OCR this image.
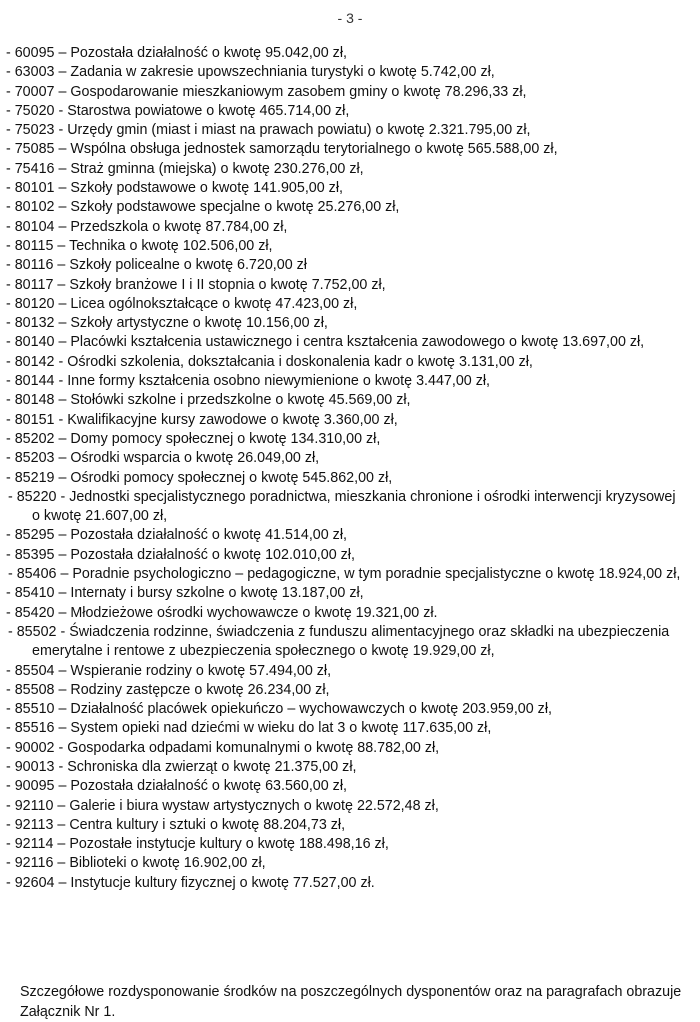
- 3 -
- 60095 – Pozostała działalność o kwotę 95.042,00 zł,
- 63003 – Zadania w zakresie upowszechniania turystyki o kwotę 5.742,00 zł,
- 70007 – Gospodarowanie mieszkaniowym zasobem gminy o kwotę 78.296,33 zł,
- 75020 - Starostwa powiatowe o kwotę 465.714,00 zł,
- 75023 - Urzędy gmin (miast i miast na prawach powiatu) o kwotę 2.321.795,00 zł,
- 75085 – Wspólna obsługa jednostek samorządu terytorialnego o kwotę 565.588,00 zł,
- 75416 – Straż gminna (miejska) o kwotę 230.276,00 zł,
- 80101 – Szkoły podstawowe o kwotę 141.905,00 zł,
- 80102 – Szkoły podstawowe specjalne o kwotę 25.276,00 zł,
- 80104 – Przedszkola o kwotę 87.784,00 zł,
- 80115 – Technika o kwotę 102.506,00 zł,
- 80116 – Szkoły policealne o kwotę 6.720,00 zł
- 80117 – Szkoły branżowe I i II stopnia o kwotę 7.752,00 zł,
- 80120 – Licea ogólnokształcące o kwotę 47.423,00 zł,
- 80132 – Szkoły artystyczne o kwotę 10.156,00 zł,
- 80140 – Placówki kształcenia ustawicznego i centra kształcenia zawodowego o kwotę 13.697,00 zł,
- 80142 - Ośrodki szkolenia, dokształcania i doskonalenia kadr o kwotę 3.131,00 zł,
- 80144 - Inne formy kształcenia osobno niewymienione o kwotę 3.447,00 zł,
- 80148 – Stołówki szkolne i przedszkolne o kwotę 45.569,00 zł,
- 80151 - Kwalifikacyjne kursy zawodowe o kwotę 3.360,00 zł,
- 85202 – Domy pomocy społecznej o kwotę 134.310,00 zł,
- 85203 – Ośrodki wsparcia o kwotę 26.049,00 zł,
- 85219 – Ośrodki pomocy społecznej o kwotę 545.862,00 zł,
- 85220 - Jednostki specjalistycznego poradnictwa, mieszkania chronione i ośrodki interwencji kryzysowej o kwotę 21.607,00 zł,
- 85295 – Pozostała działalność o kwotę 41.514,00 zł,
- 85395 – Pozostała działalność o kwotę 102.010,00 zł,
- 85406 – Poradnie psychologiczno – pedagogiczne, w tym poradnie specjalistyczne o kwotę 18.924,00 zł,
- 85410 – Internaty i bursy szkolne o kwotę 13.187,00 zł,
- 85420 – Młodzieżowe ośrodki wychowawcze o kwotę 19.321,00 zł.
- 85502 - Świadczenia rodzinne, świadczenia z funduszu alimentacyjnego oraz składki na ubezpieczenia emerytalne i rentowe z ubezpieczenia społecznego o kwotę 19.929,00 zł,
- 85504 – Wspieranie rodziny o kwotę 57.494,00 zł,
- 85508 – Rodziny zastępcze o kwotę 26.234,00 zł,
- 85510 – Działalność placówek opiekuńczo – wychowawczych o kwotę 203.959,00 zł,
- 85516 – System opieki nad dziećmi w wieku do lat 3 o kwotę 117.635,00 zł,
- 90002 - Gospodarka odpadami komunalnymi o kwotę 88.782,00 zł,
- 90013 - Schroniska dla zwierząt o kwotę 21.375,00 zł,
- 90095 – Pozostała działalność o kwotę 63.560,00 zł,
- 92110 – Galerie i biura wystaw artystycznych o kwotę 22.572,48 zł,
- 92113 – Centra kultury i sztuki o kwotę 88.204,73 zł,
- 92114 – Pozostałe instytucje kultury o kwotę 188.498,16 zł,
- 92116 – Biblioteki o kwotę 16.902,00 zł,
- 92604 – Instytucje kultury fizycznej o kwotę 77.527,00 zł.

Szczegółowe rozdysponowanie środków na poszczególnych dysponentów oraz na paragrafach obrazuje Załącznik Nr 1.
